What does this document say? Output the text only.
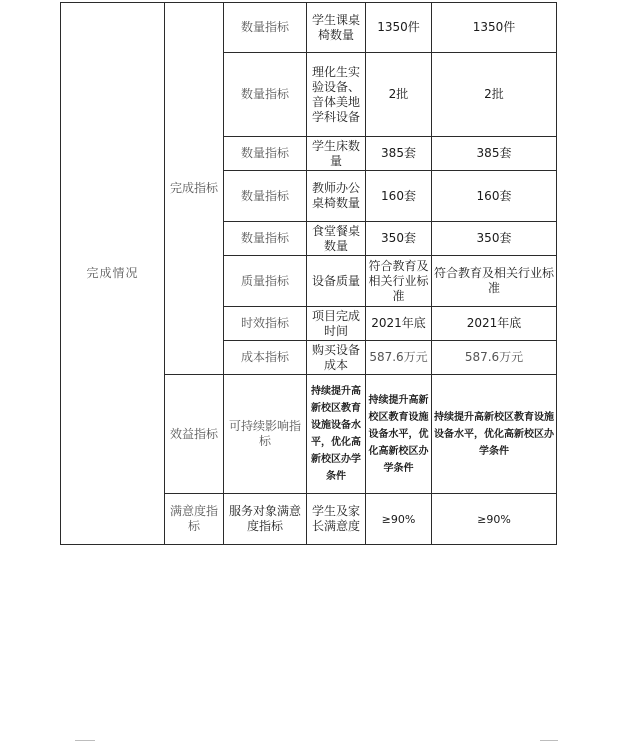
完成情况	完成指标	数量指标	学生课桌椅数量	1350件	1350件
		数量指标	理化生实验设备、音体美地学科设备	2批	2批
		数量指标	学生床数量	385套	385套
		数量指标	教师办公桌椅数量	160套	160套
		数量指标	食堂餐桌数量	350套	350套
		质量指标	设备质量	符合教育及相关行业标准	符合教育及相关行业标准
		时效指标	项目完成时间	2021年底	2021年底
		成本指标	购买设备成本	587.6万元	587.6万元
	效益指标	可持续影响指标	持续提升高新校区教育设施设备水平，优化高新校区办学条件	持续提升高新校区教育设施设备水平，优化高新校区办学条件	持续提升高新校区教育设施设备水平，优化高新校区办学条件
	满意度指标	服务对象满意度指标	学生及家长满意度	≥90%	≥90%
